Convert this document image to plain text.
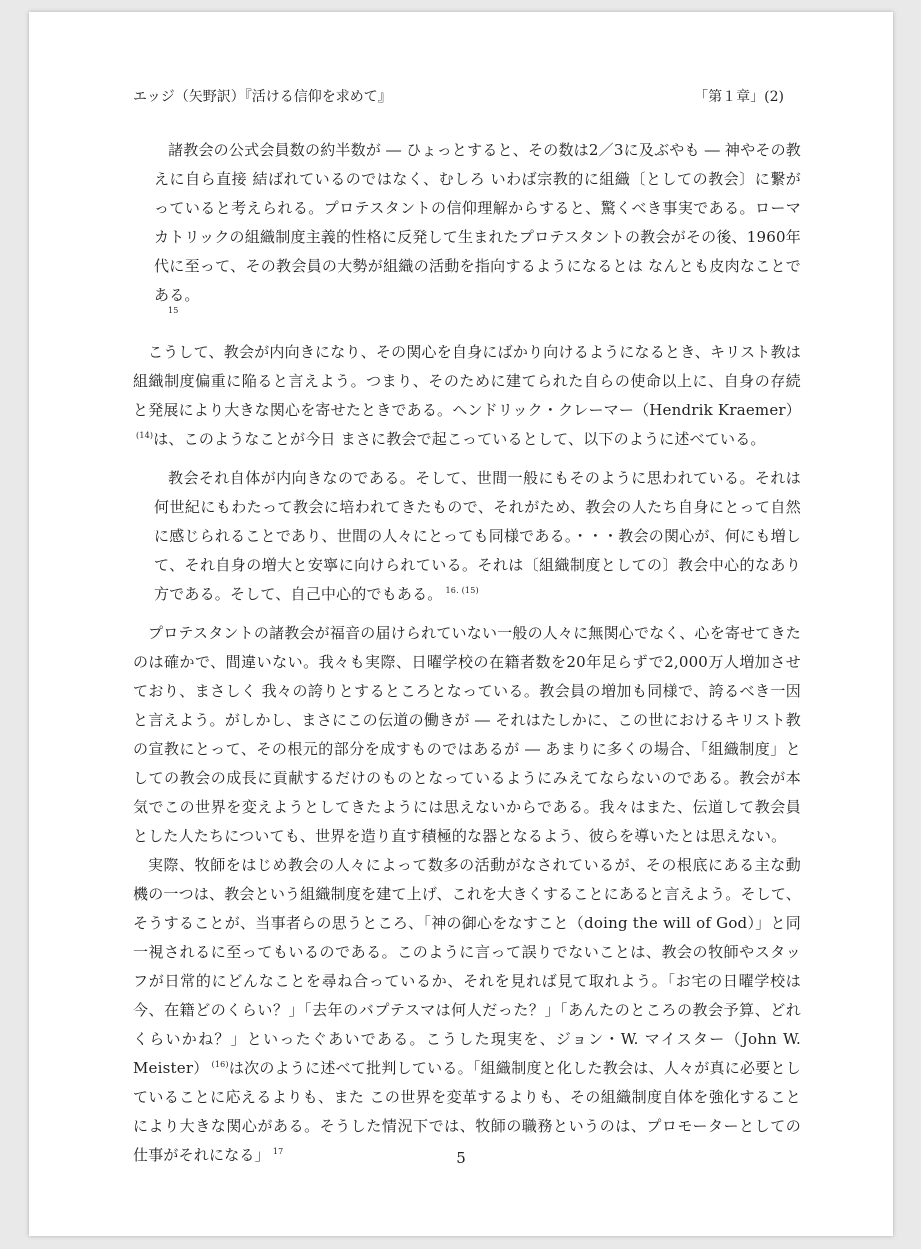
エッジ（矢野訳）『活ける信仰を求めて』	「第１章」(2)

諸教会の公式会員数の約半数が ― ひょっとすると、その数は2／3に及ぶやも ― 神やその教えに自ら直接 結ばれているのではなく、むしろ いわば宗教的に組織〔としての教会〕に繋がっていると考えられる。プロテスタントの信仰理解からすると、驚くべき事実である。ローマカトリックの組織制度主義的性格に反発して生まれたプロテスタントの教会がその後、1960年代に至って、その教会員の大勢が組織の活動を指向するようになるとは なんとも皮肉なことである。

15

こうして、教会が内向きになり、その関心を自身にばかり向けるようになるとき、キリスト教は組織制度偏重に陥ると言えよう。つまり、そのために建てられた自らの使命以上に、自身の存続と発展により大きな関心を寄せたときである。ヘンドリック・クレーマー（Hendrik Kraemer）$^{(14)}$は、このようなことが今日 まさに教会で起こっているとして、以下のように述べている。

教会それ自体が内向きなのである。そして、世間一般にもそのように思われている。それは何世紀にもわたって教会に培われてきたもので、それがため、教会の人たち自身にとって自然に感じられることであり、世間の人々にとっても同様である。・・・教会の関心が、何にも増して、それ自身の増大と安寧に向けられている。それは〔組織制度としての〕教会中心的なあり方である。そして、自己中心的でもある。 $^{16. (15)}$

プロテスタントの諸教会が福音の届けられていない一般の人々に無関心でなく、心を寄せてきたのは確かで、間違いない。我々も実際、日曜学校の在籍者数を20年足らずで2,000万人増加させており、まさしく 我々の誇りとするところとなっている。教会員の増加も同様で、誇るべき一因と言えよう。がしかし、まさにこの伝道の働きが ― それはたしかに、この世におけるキリスト教の宣教にとって、その根元的部分を成すものではあるが ― あまりに多くの場合、「組織制度」としての教会の成長に貢献するだけのものとなっているようにみえてならないのである。教会が本気でこの世界を変えようとしてきたようには思えないからである。我々はまた、伝道して教会員とした人たちについても、世界を造り直す積極的な器となるよう、彼らを導いたとは思えない。

実際、牧師をはじめ教会の人々によって数多の活動がなされているが、その根底にある主な動機の一つは、教会という組織制度を建て上げ、これを大きくすることにあると言えよう。そして、そうすることが、当事者らの思うところ、「神の御心をなすこと（doing the will of God）」と同一視されるに至ってもいるのである。このように言って誤りでないことは、教会の牧師やスタッフが日常的にどんなことを尋ね合っているか、それを見れば見て取れよう。「お宅の日曜学校は 今、在籍どのくらい？」「去年のバプテスマは何人だった？」「あんたのところの教会予算、どれくらいかね？」といったぐあいである。こうした現実を、ジョン・W. マイスター（John W. Meister） $^{(16)}$は次のように述べて批判している。「組織制度と化した教会は、人々が真に必要としていることに応えるよりも、また この世界を変革するよりも、その組織制度自体を強化することにより大きな関心がある。そうした情況下では、牧師の職務というのは、プロモーターとしての仕事がそれになる」 $^{17}$	5
